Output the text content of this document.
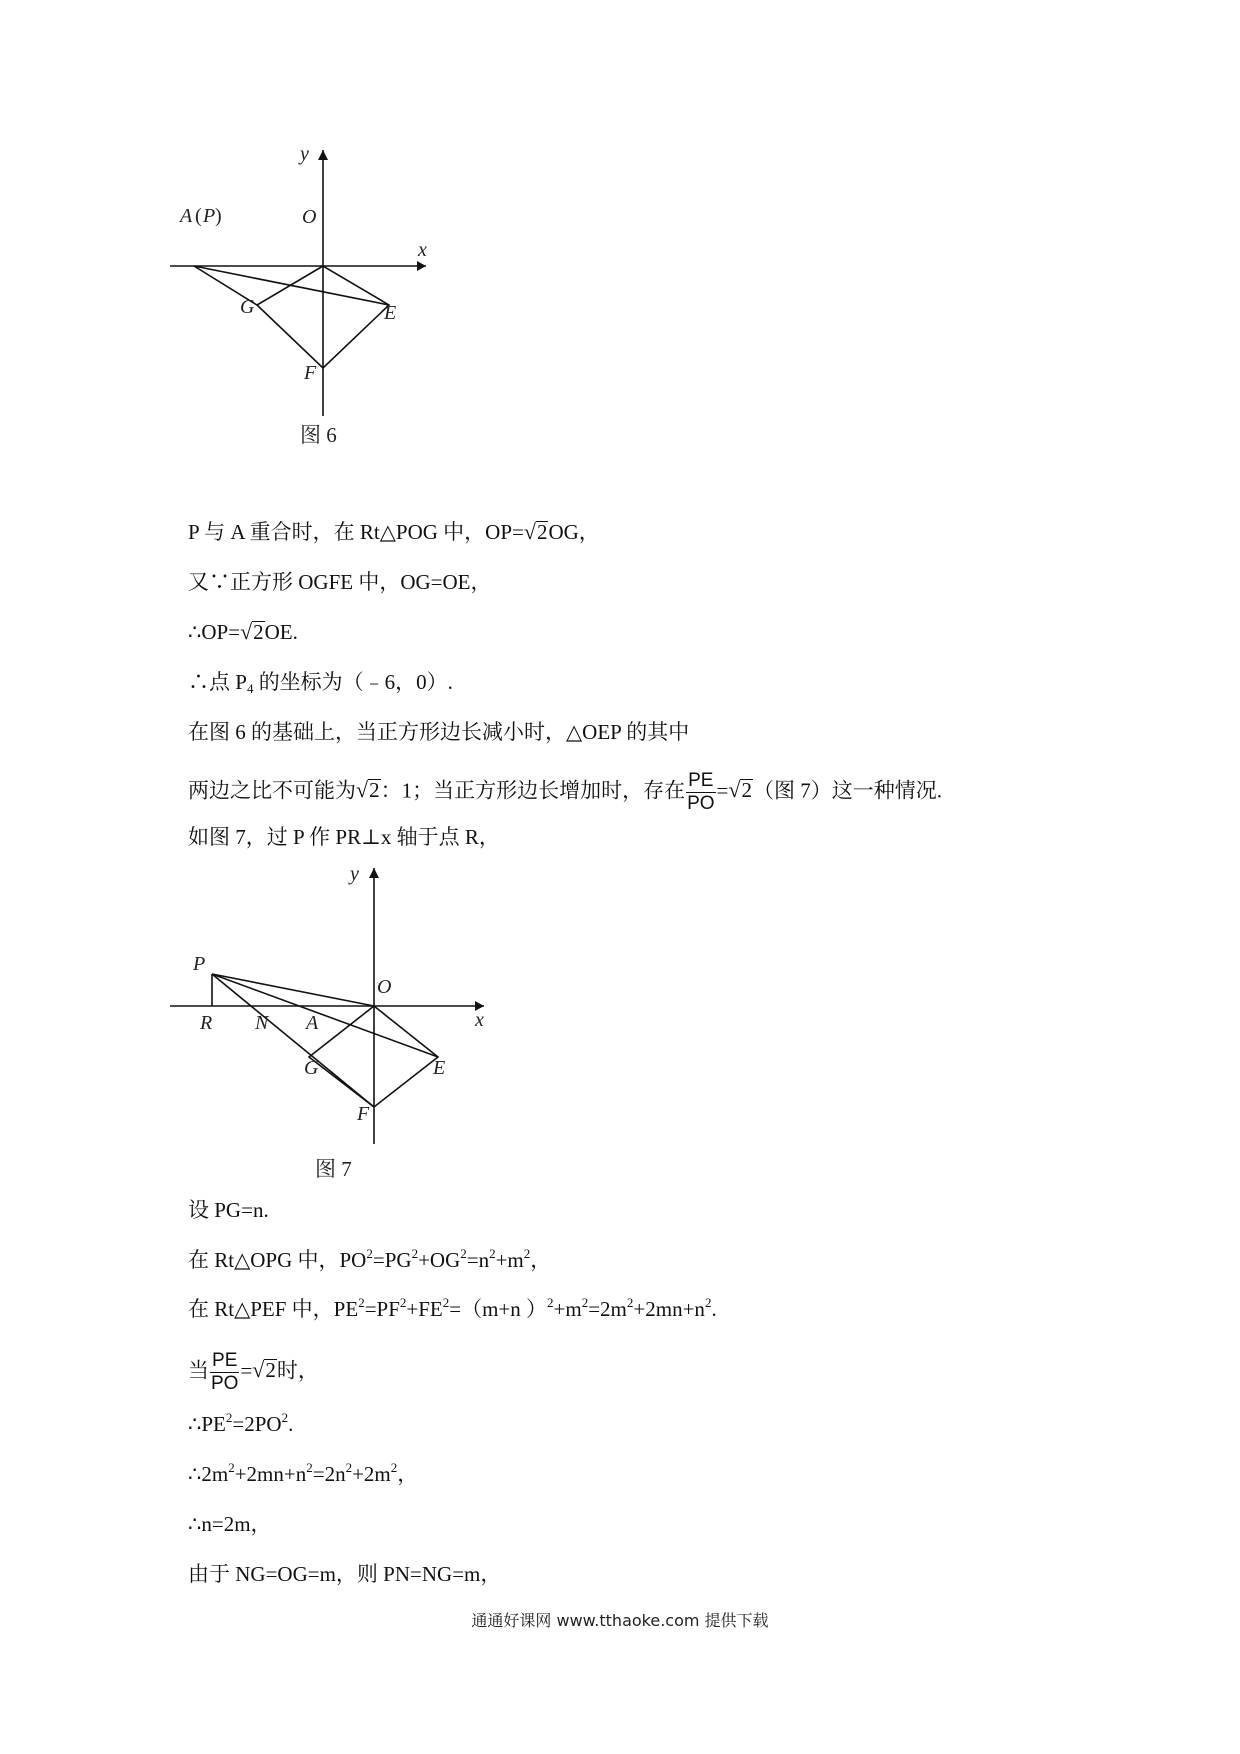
y
x
O
A ( P )
G	E
F
图 6
P 与 A 重合时，在 Rt△POG 中，OP=√2OG，
又∵正方形 OGFE 中，OG=OE，
∴OP=√2OE.
∴点 $P_4$ 的坐标为（﹣6，0）.
在图 6 的基础上，当正方形边长减小时，△OEP 的其中
两边之比不可能为√2：1；当正方形边长增加时，存在 $\frac{PE}{PO} =√2$（图 7）这一种情况.
如图 7，过 P 作 PR⊥x 轴于点 R，
y
x
O
P
R N A
G	E
F
图 7
设 PG=n.
在 Rt△OPG 中，$PO^2=PG^2+OG^2=n^2+m^2$，
在 Rt△PEF 中，$PE^2=PF^2+FE^2=(m+n$ ）$^2+m^2=2m^2+2mn+n^2$.
当 $\frac{PE}{PO} =√2$时，
$\therefore PE^2=2PO^2$.
$\therefore 2m^2+2mn+n^2=2n^2+2m^2$，
∴n=2m，
由于 NG=OG=m，则 PN=NG=m，
通通好课网 www.tthaoke.com 提供下载
